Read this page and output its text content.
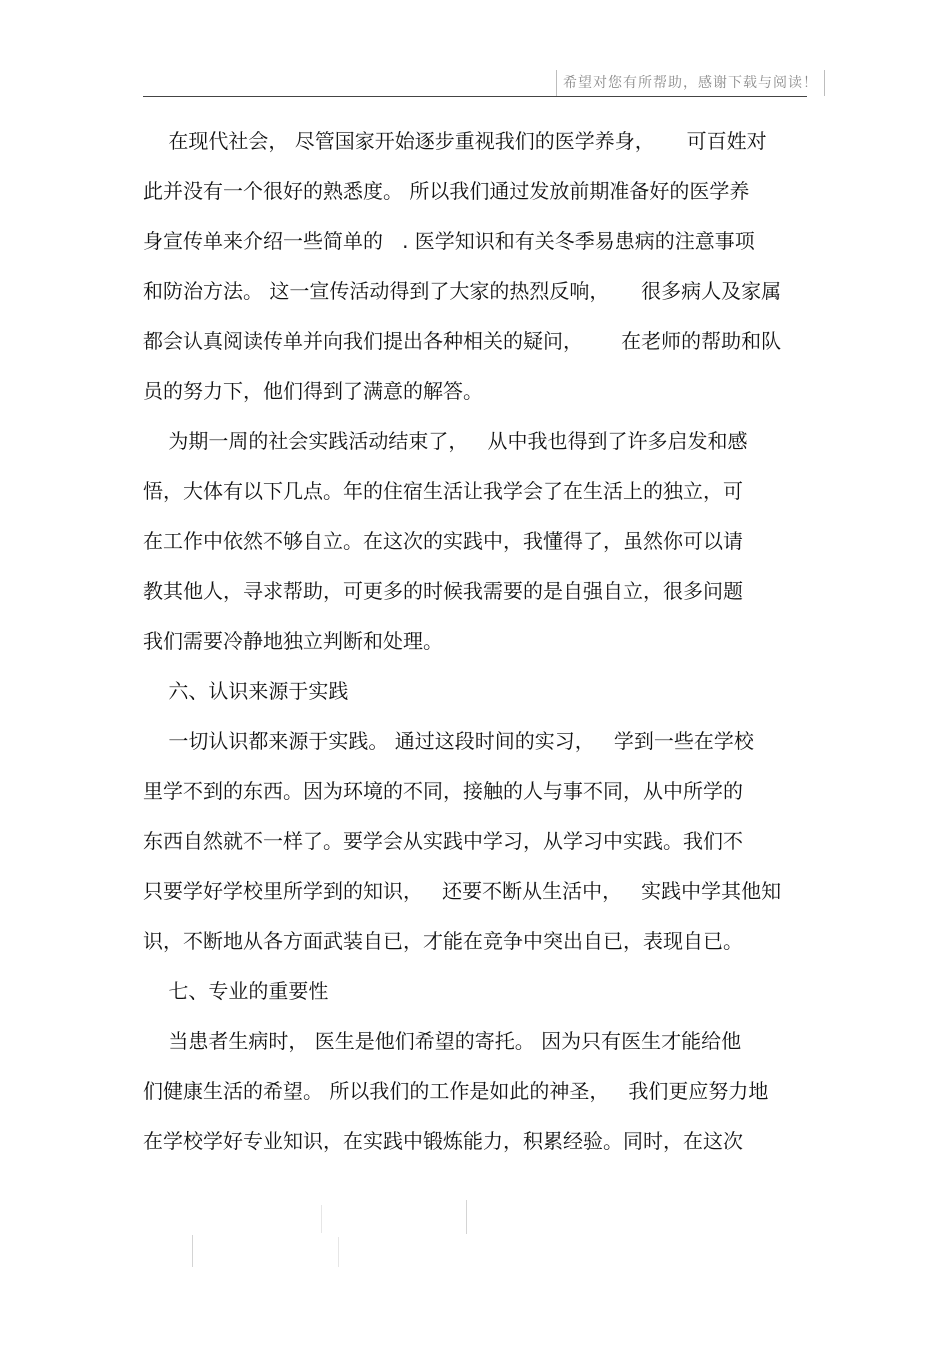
希望对您有所帮助，感谢下载与阅读！
在现代社会， 尽管国家开始逐步重视我们的医学养身，     可百姓对
此并没有一个很好的熟悉度。 所以我们通过发放前期准备好的医学养
身宣传单来介绍一些简单的   . 医学知识和有关冬季易患病的注意事项
和防治方法。 这一宣传活动得到了大家的热烈反响，     很多病人及家属
都会认真阅读传单并向我们提出各种相关的疑问，      在老师的帮助和队
员的努力下，他们得到了满意的解答。
为期一周的社会实践活动结束了，   从中我也得到了许多启发和感
悟，大体有以下几点。年的住宿生活让我学会了在生活上的独立，可
在工作中依然不够自立。在这次的实践中，我懂得了，虽然你可以请
教其他人，寻求帮助，可更多的时候我需要的是自强自立，很多问题
我们需要冷静地独立判断和处理。
六、认识来源于实践
一切认识都来源于实践。 通过这段时间的实习，   学到一些在学校
里学不到的东西。因为环境的不同，接触的人与事不同，从中所学的
东西自然就不一样了。要学会从实践中学习，从学习中实践。我们不
只要学好学校里所学到的知识，   还要不断从生活中，   实践中学其他知
识，不断地从各方面武装自已，才能在竞争中突出自已，表现自已。
七、专业的重要性
当患者生病时， 医生是他们希望的寄托。 因为只有医生才能给他
们健康生活的希望。 所以我们的工作是如此的神圣，   我们更应努力地
在学校学好专业知识，在实践中锻炼能力，积累经验。同时，在这次
